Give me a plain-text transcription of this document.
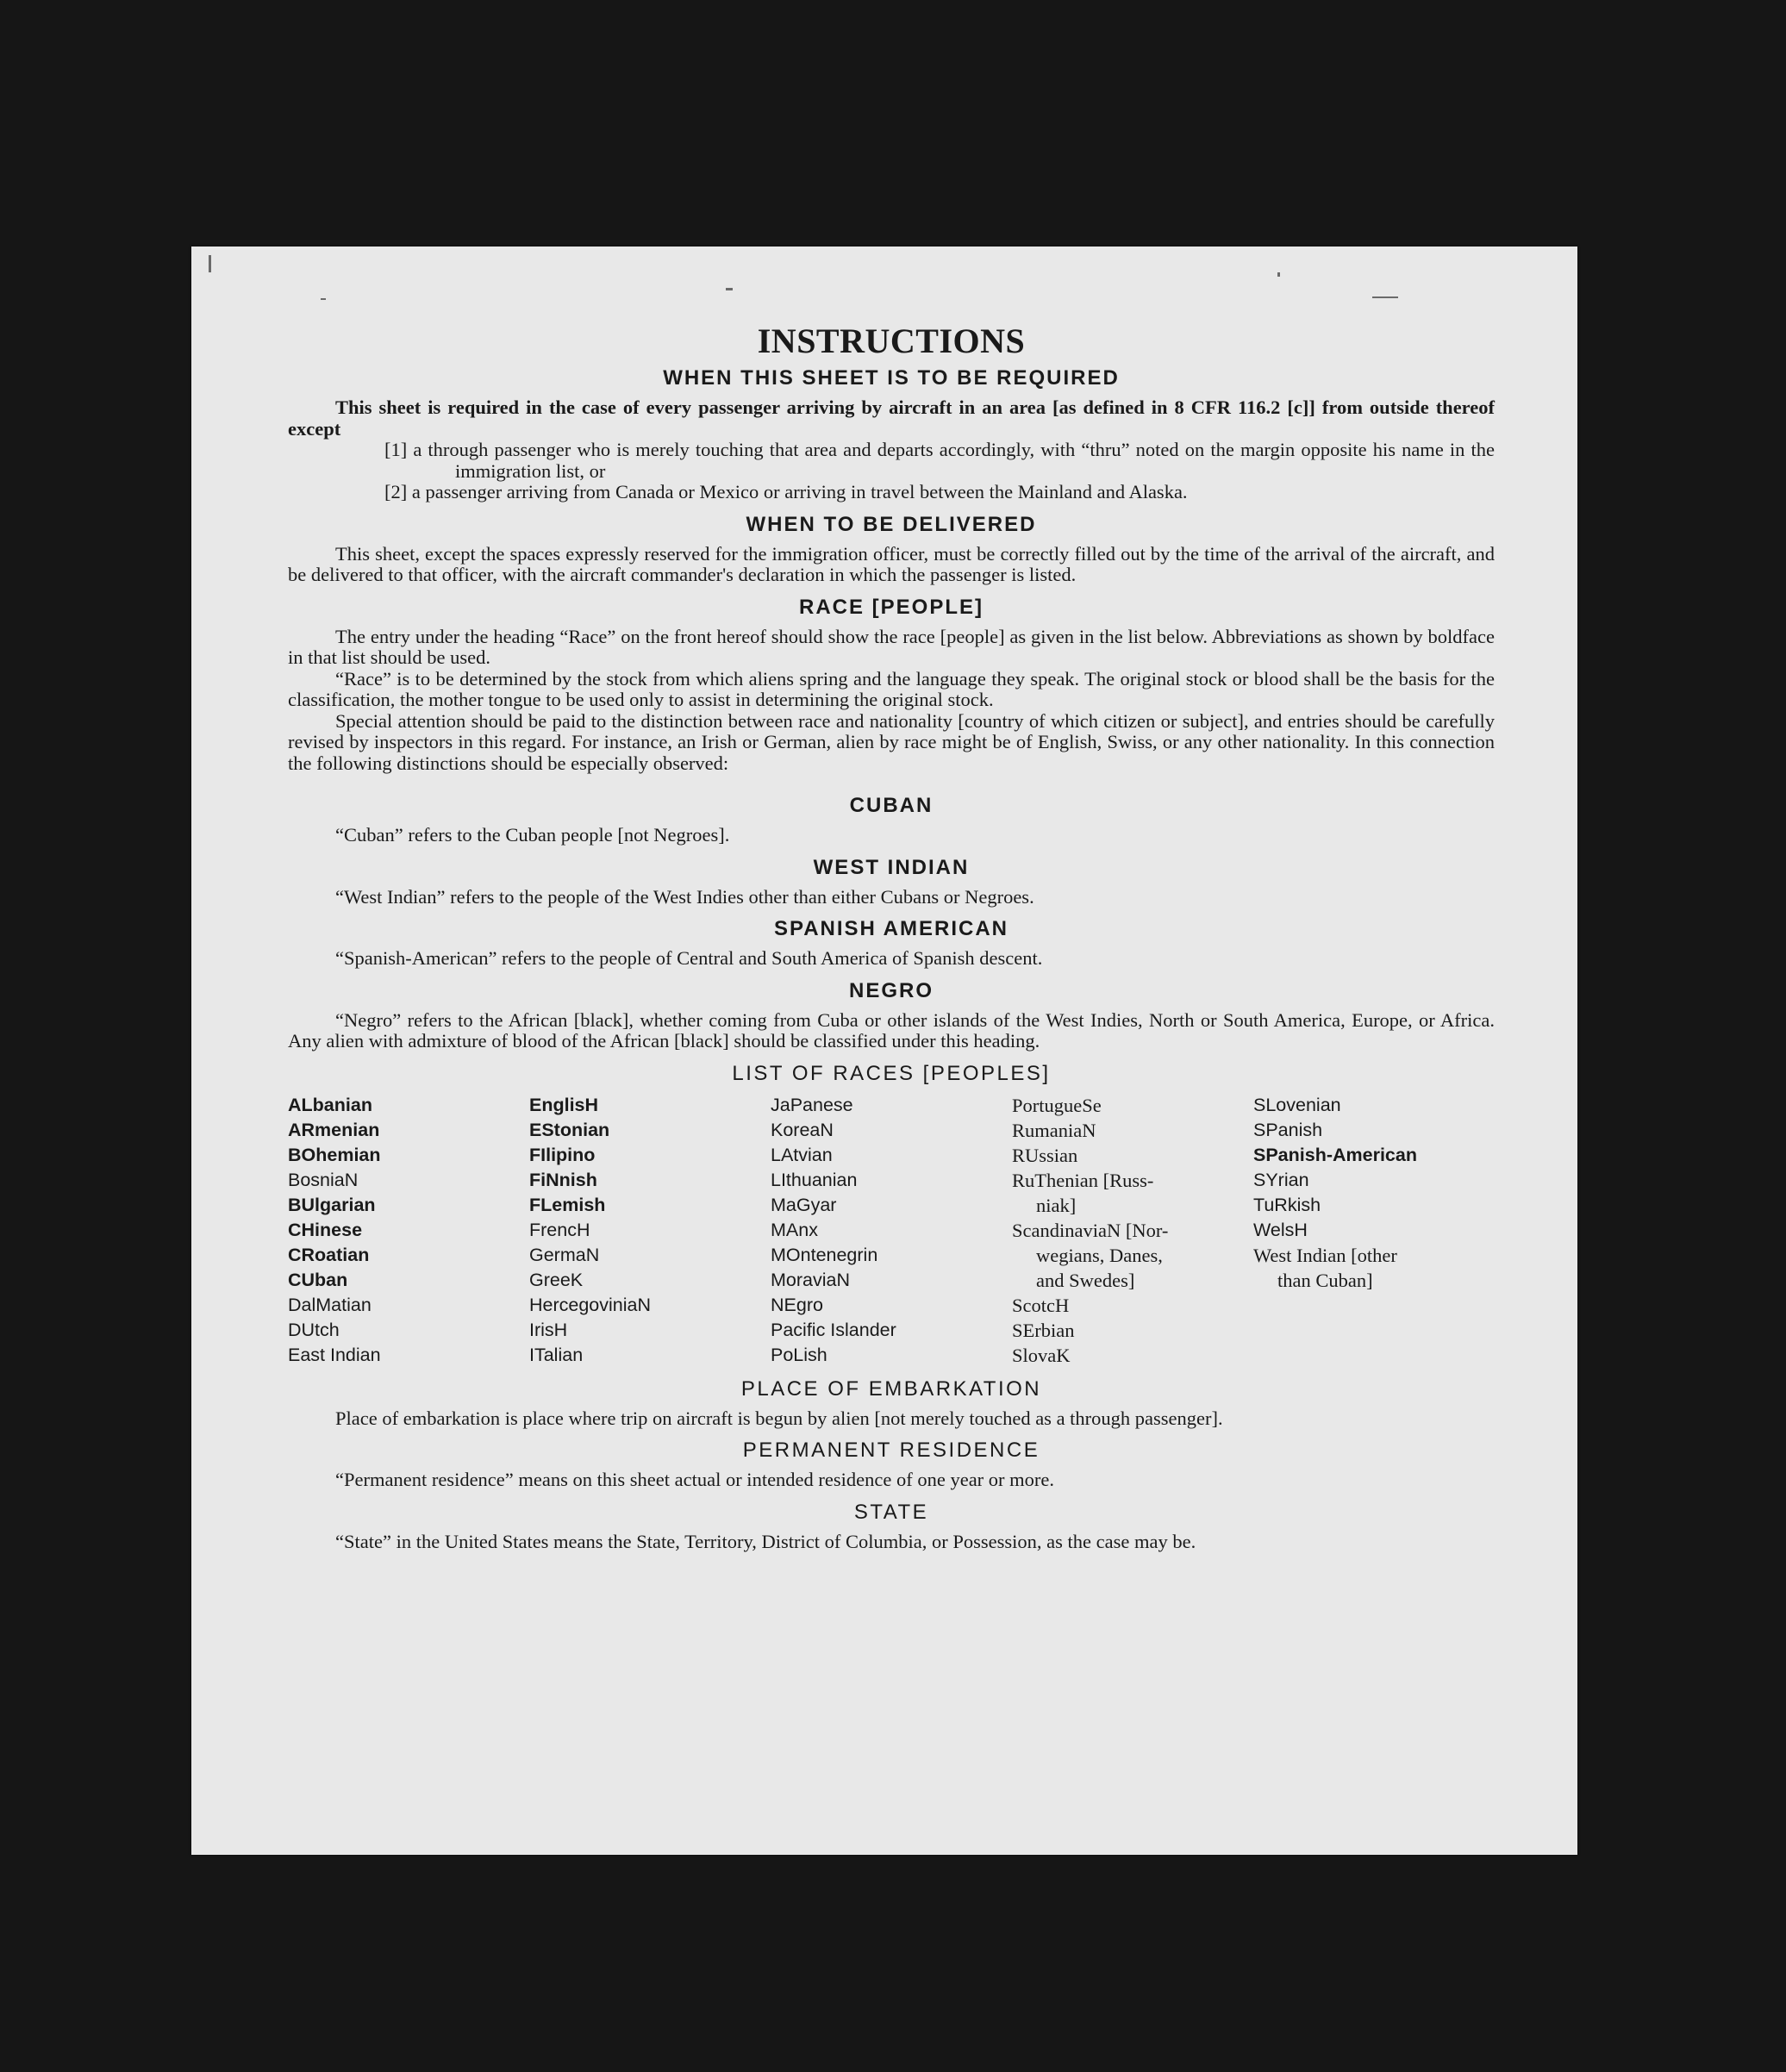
INSTRUCTIONS
WHEN THIS SHEET IS TO BE REQUIRED

This sheet is required in the case of every passenger arriving by aircraft in an area [as defined in 8 CFR 116.2 [c]] from outside thereof except

[1] a through passenger who is merely touching that area and departs accordingly, with “thru” noted on the margin opposite his name in the immigration list, or
[2] a passenger arriving from Canada or Mexico or arriving in travel between the Mainland and Alaska.
WHEN TO BE DELIVERED

This sheet, except the spaces expressly reserved for the immigration officer, must be correctly filled out by the time of the arrival of the aircraft, and be delivered to that officer, with the aircraft commander's declaration in which the passenger is listed.

RACE [PEOPLE]

The entry under the heading “Race” on the front hereof should show the race [people] as given in the list below. Abbreviations as shown by boldface in that list should be used.

“Race” is to be determined by the stock from which aliens spring and the language they speak. The original stock or blood shall be the basis for the classification, the mother tongue to be used only to assist in determining the original stock.

Special attention should be paid to the distinction between race and nationality [country of which citizen or subject], and entries should be carefully revised by inspectors in this regard. For instance, an Irish or German, alien by race might be of English, Swiss, or any other nationality. In this connection the following distinctions should be especially observed:

CUBAN

“Cuban” refers to the Cuban people [not Negroes].

WEST INDIAN

“West Indian” refers to the people of the West Indies other than either Cubans or Negroes.

SPANISH AMERICAN

“Spanish-American” refers to the people of Central and South America of Spanish descent.

NEGRO

“Negro” refers to the African [black], whether coming from Cuba or other islands of the West Indies, North or South America, Europe, or Africa. Any alien with admixture of blood of the African [black] should be classified under this heading.

LIST OF RACES [PEOPLES]
ALbanian
ARmenian
BOhemian
BosniaN
BUlgarian
CHinese
CRoatian
CUban
DalMatian
DUtch
East Indian
EnglisH
EStonian
FIlipino
FiNnish
FLemish
FrencH
GermaN
GreeK
HercegoviniaN
IrisH
ITalian
JaPanese
KoreaN
LAtvian
LIthuanian
MaGyar
MAnx
MOntenegrin
MoraviaN
NEgro
Pacific Islander
PoLish
PortugueSe
RumaniaN
RUssian
RuThenian [Russ-
niak]
ScandinaviaN [Nor-
wegians, Danes,
and Swedes]
ScotcH
SErbian
SlovaK
SLovenian
SPanish
SPanish-American
SYrian
TuRkish
WelsH
West Indian [other
than Cuban]
PLACE OF EMBARKATION

Place of embarkation is place where trip on aircraft is begun by alien [not merely touched as a through passenger].

PERMANENT RESIDENCE

“Permanent residence” means on this sheet actual or intended residence of one year or more.

STATE

“State” in the United States means the State, Territory, District of Columbia, or Possession, as the case may be.
